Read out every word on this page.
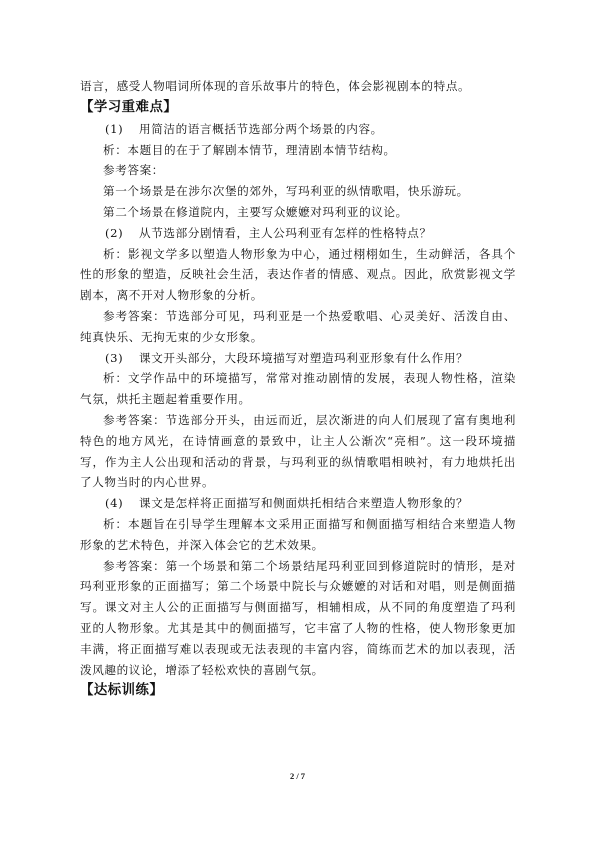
语言，感受人物唱词所体现的音乐故事片的特色，体会影视剧本的特点。

【学习重难点】

(1) 用简洁的语言概括节选部分两个场景的内容。

析：本题目的在于了解剧本情节，理清剧本情节结构。

参考答案：

第一个场景是在涉尔次堡的郊外，写玛利亚的纵情歌唱，快乐游玩。

第二个场景在修道院内，主要写众嬷嬷对玛利亚的议论。

(2) 从节选部分剧情看，主人公玛利亚有怎样的性格特点？

析：影视文学多以塑造人物形象为中心，通过栩栩如生，生动鲜活，各具个性的形象的塑造，反映社会生活，表达作者的情感、观点。因此，欣赏影视文学剧本，离不开对人物形象的分析。

参考答案：节选部分可见，玛利亚是一个热爱歌唱、心灵美好、活泼自由、纯真快乐、无拘无束的少女形象。

(3) 课文开头部分，大段环境描写对塑造玛利亚形象有什么作用？

析：文学作品中的环境描写，常常对推动剧情的发展，表现人物性格，渲染气氛，烘托主题起着重要作用。

参考答案：节选部分开头，由远而近，层次渐进的向人们展现了富有奥地利特色的地方风光，在诗情画意的景致中，让主人公渐次“亮相”。这一段环境描写，作为主人公出现和活动的背景，与玛利亚的纵情歌唱相映衬，有力地烘托出了人物当时的内心世界。

(4) 课文是怎样将正面描写和侧面烘托相结合来塑造人物形象的？

析：本题旨在引导学生理解本文采用正面描写和侧面描写相结合来塑造人物形象的艺术特色，并深入体会它的艺术效果。

参考答案：第一个场景和第二个场景结尾玛利亚回到修道院时的情形，是对玛利亚形象的正面描写；第二个场景中院长与众嬷嬷的对话和对唱，则是侧面描写。课文对主人公的正面描写与侧面描写，相辅相成，从不同的角度塑造了玛利亚的人物形象。尤其是其中的侧面描写，它丰富了人物的性格，使人物形象更加丰满，将正面描写难以表现或无法表现的丰富内容，简练而艺术的加以表现，活泼风趣的议论，增添了轻松欢快的喜剧气氛。

【达标训练】

2 / 7
